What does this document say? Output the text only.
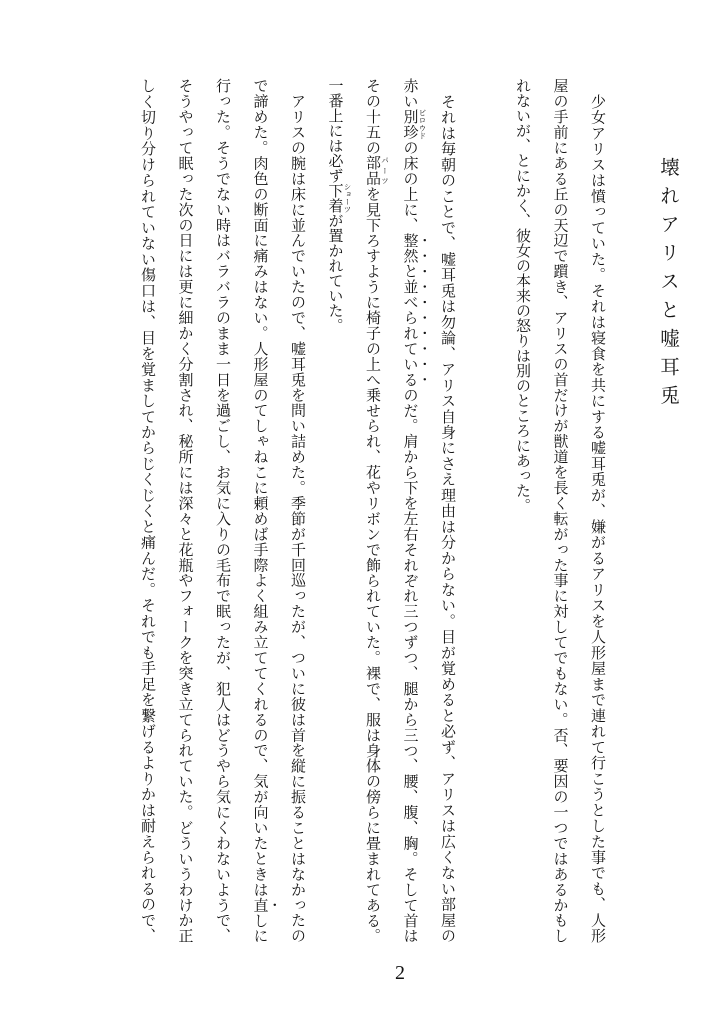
壊れアリスと嘘耳兎
　少女アリスは憤っていた。それは寝食を共にする嘘耳兎が、嫌がるアリスを人形屋まで連れて行こうとした事でも、人形
屋の手前にある丘の天辺で躓き、アリスの首だけが獣道を長く転がった事に対してでもない。否、要因の一つではあるかもし
れないが、とにかく、彼女の本来の怒りは別のところにあった。
　それは毎朝のことで、嘘耳兎は勿論、アリス自身にさえ理由は分からない。目が覚めると必ず、アリスは広くない部屋の
赤い別珍ビロウドの床の上に、整然と並べられているのだ。肩から下を左右それぞれ三つずつ、腿から三つ、腰、腹、胸。そして首は
その十五の部品パーツを見下ろすように椅子の上へ乗せられ、花やリボンで飾られていた。裸で、服は身体の傍らに畳まれてある。
一番上には必ず下着ショーツが置かれていた。
　アリスの腕は床に並んでいたので、嘘耳兎を問い詰めた。季節が千回巡ったが、ついに彼は首を縦に振ることはなかったの
で諦めた。肉色の断面に痛みはない。人形屋のてしゃねこに頼めば手際よく組み立ててくれるので、気が向いたときは直しに
行った。そうでない時はバラバラのまま一日を過ごし、お気に入りの毛布で眠ったが、犯人はどうやら気にくわないようで、
そうやって眠った次の日には更に細かく分割され、秘所には深々と花瓶やフォークを突き立てられていた。どういうわけか正
しく切り分けられていない傷口は、目を覚ましてからじくじくと痛んだ。それでも手足を繋げるよりかは耐えられるので、
2
